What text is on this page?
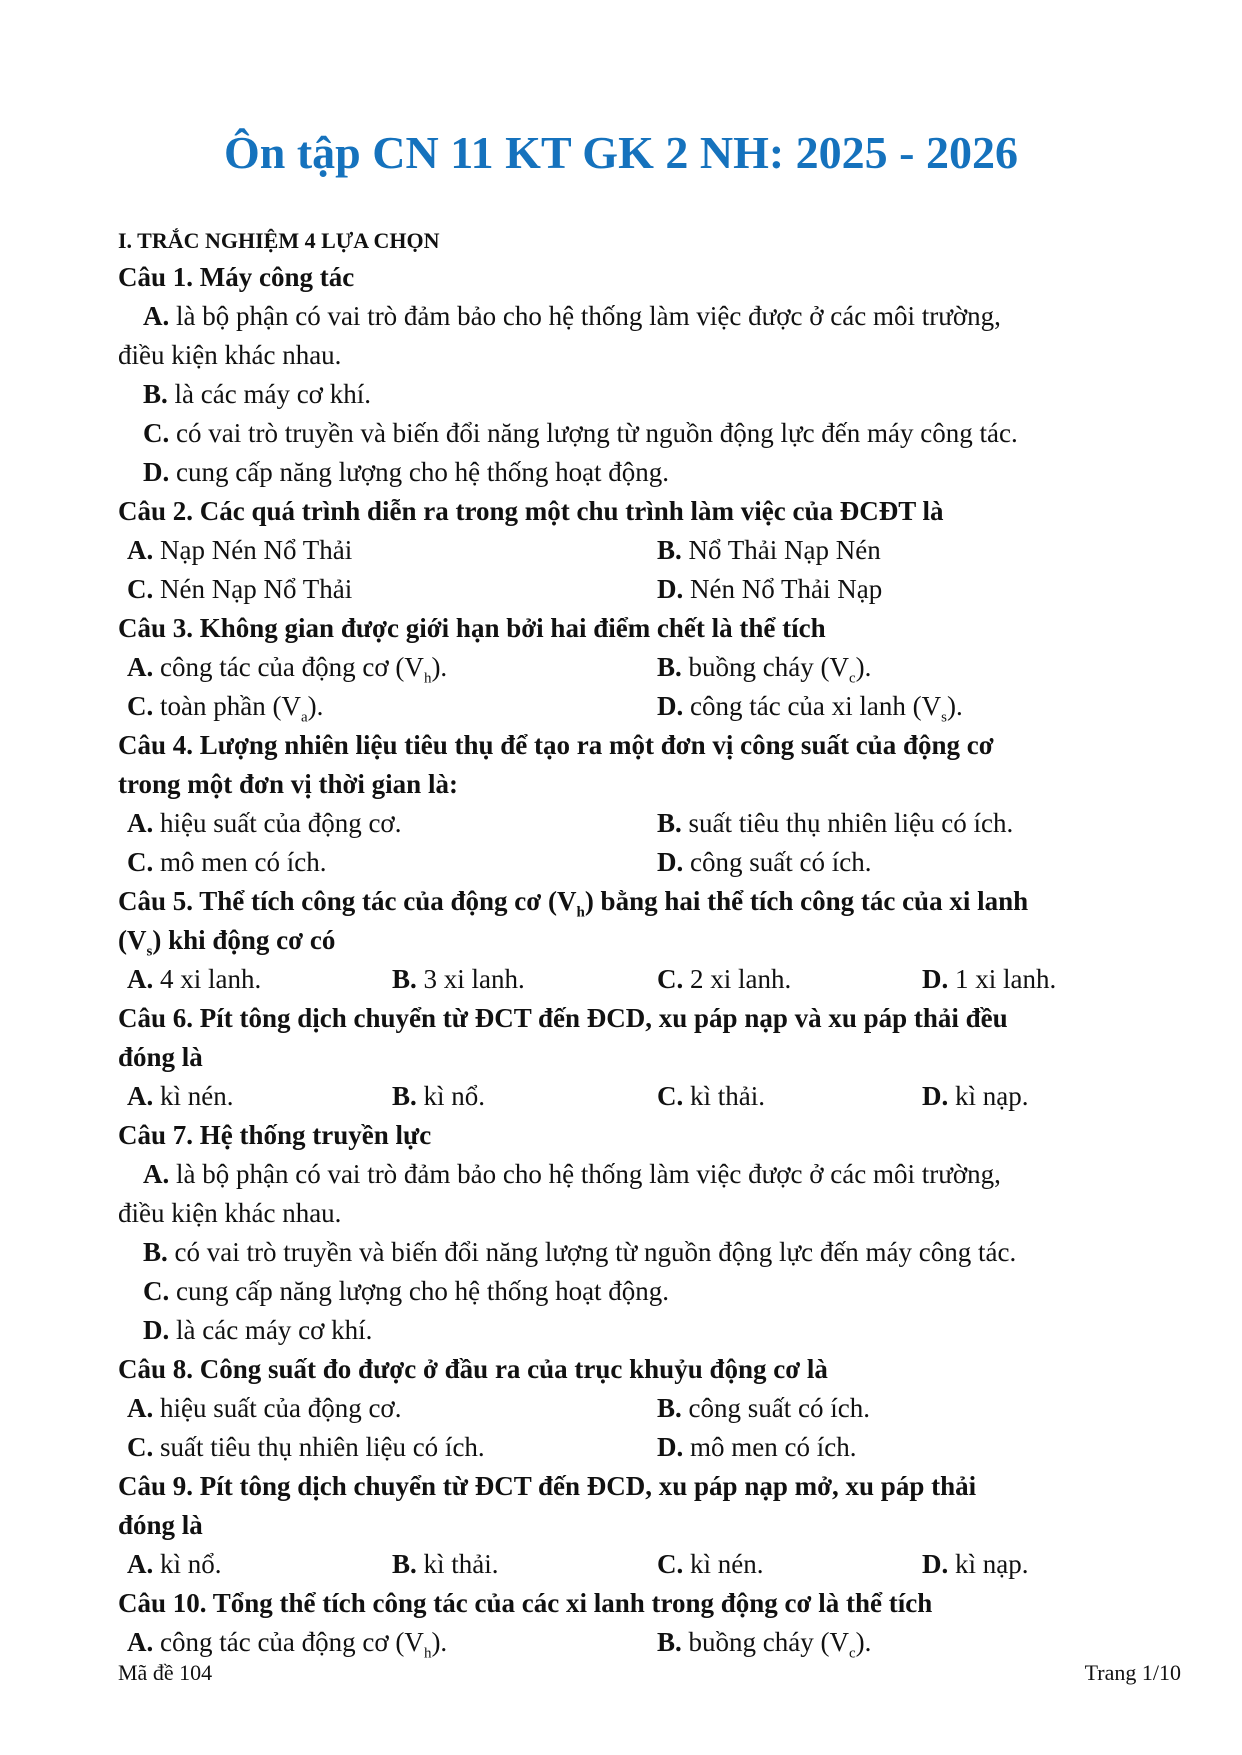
Ôn tập CN 11 KT GK 2 NH: 2025 - 2026
I. TRẮC NGHIỆM 4 LỰA CHỌN
Câu 1. Máy công tác
A. là bộ phận có vai trò đảm bảo cho hệ thống làm việc được ở các môi trường,
điều kiện khác nhau.
B. là các máy cơ khí.
C. có vai trò truyền và biến đổi năng lượng từ nguồn động lực đến máy công tác.
D. cung cấp năng lượng cho hệ thống hoạt động.
Câu 2. Các quá trình diễn ra trong một chu trình làm việc của ĐCĐT là
A. Nạp Nén Nổ Thải	B. Nổ Thải Nạp Nén
C. Nén Nạp Nổ Thải	D. Nén Nổ Thải Nạp
Câu 3. Không gian được giới hạn bởi hai điểm chết là thể tích
A. công tác của động cơ $(V_h)$.	B. buồng cháy $(V_c)$.
C. toàn phần $(V_a)$.	D. công tác của xi lanh $(V_s)$.
Câu 4. Lượng nhiên liệu tiêu thụ để tạo ra một đơn vị công suất của động cơ
trong một đơn vị thời gian là:
A. hiệu suất của động cơ.	B. suất tiêu thụ nhiên liệu có ích.
C. mô men có ích.	D. công suất có ích.
Câu 5. Thể tích công tác của động cơ $(V_h)$ bằng hai thể tích công tác của xi lanh
$(V_s)$ khi động cơ có
A. 4 xi lanh.	B. 3 xi lanh.	C. 2 xi lanh.	D. 1 xi lanh.
Câu 6. Pít tông dịch chuyển từ ĐCT đến ĐCD, xu páp nạp và xu páp thải đều
đóng là
A. kì nén.	B. kì nổ.	C. kì thải.	D. kì nạp.
Câu 7. Hệ thống truyền lực
A. là bộ phận có vai trò đảm bảo cho hệ thống làm việc được ở các môi trường,
điều kiện khác nhau.
B. có vai trò truyền và biến đổi năng lượng từ nguồn động lực đến máy công tác.
C. cung cấp năng lượng cho hệ thống hoạt động.
D. là các máy cơ khí.
Câu 8. Công suất đo được ở đầu ra của trục khuỷu động cơ là
A. hiệu suất của động cơ.	B. công suất có ích.
C. suất tiêu thụ nhiên liệu có ích.	D. mô men có ích.
Câu 9. Pít tông dịch chuyển từ ĐCT đến ĐCD, xu páp nạp mở, xu páp thải
đóng là
A. kì nổ.	B. kì thải.	C. kì nén.	D. kì nạp.
Câu 10. Tổng thể tích công tác của các xi lanh trong động cơ là thể tích
A. công tác của động cơ $(V_h)$.	B. buồng cháy $(V_c)$.
Mã đề 104	Trang 1/10
